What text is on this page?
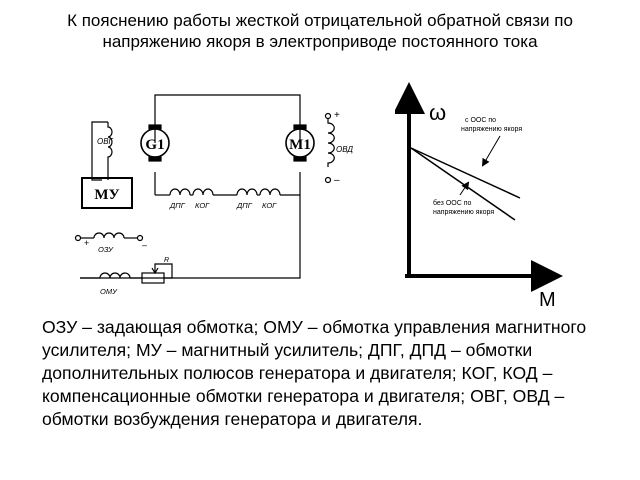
К пояснению работы жесткой отрицательной обратной связи по напряжению якоря в электроприводе постоянного тока
ОВГ
МУ
G1	M1	ОВД
+
–
ДПГ КОГ	ДПГ КОГ
+
ОЗУ	–
R
ОМУ
ω
М
с ООС по
напряжению якоря
без ООС по
напряжению якоря
ОЗУ – задающая обмотка; ОМУ – обмотка управления магнитного усилителя; МУ – магнитный усилитель; ДПГ, ДПД – обмотки дополнительных полюсов генератора и двигателя; КОГ, КОД – компенсационные обмотки генератора и двигателя; ОВГ, ОВД – обмотки возбуждения генератора и двигателя.
